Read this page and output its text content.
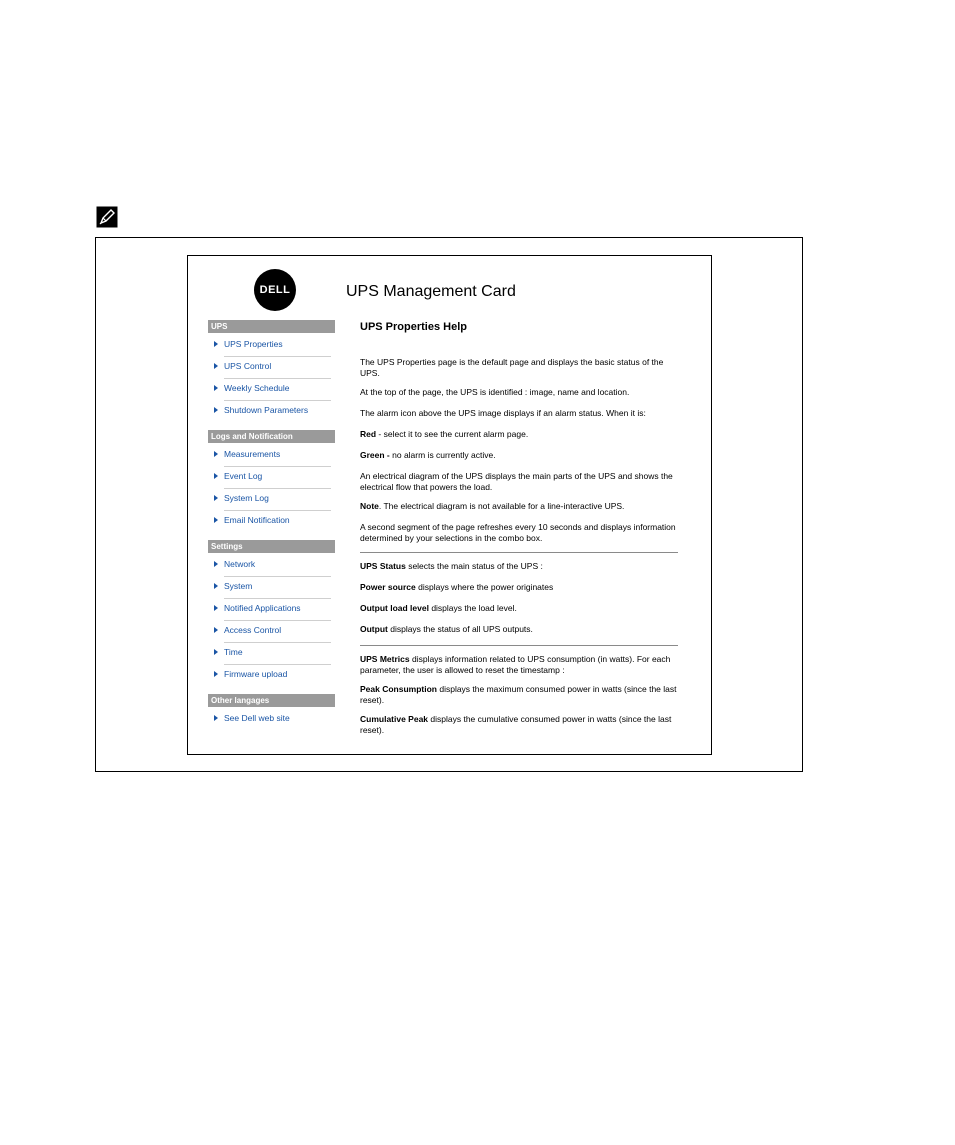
DELL	UPS Management Card
UPS
UPS Properties
UPS Control
Weekly Schedule
Shutdown Parameters
Logs and Notification
Measurements
Event Log
System Log
Email Notification
Settings
Network
System
Notified Applications
Access Control
Time
Firmware upload
Other langages
See Dell web site
UPS Properties Help

The UPS Properties page is the default page and displays the basic status of the UPS.

At the top of the page, the UPS is identified : image, name and location.

The alarm icon above the UPS image displays if an alarm status. When it is:

Red - select it to see the current alarm page.

Green - no alarm is currently active.

An electrical diagram of the UPS displays the main parts of the UPS and shows the electrical flow that powers the load.

Note. The electrical diagram is not available for a line-interactive UPS.

A second segment of the page refreshes every 10 seconds and displays information determined by your selections in the combo box.

UPS Status selects the main status of the UPS :

Power source displays where the power originates

Output load level displays the load level.

Output displays the status of all UPS outputs.

UPS Metrics displays information related to UPS consumption (in watts). For each parameter, the user is allowed to reset the timestamp :

Peak Consumption displays the maximum consumed power in watts (since the last reset).

Cumulative Peak displays the cumulative consumed power in watts (since the last reset).
